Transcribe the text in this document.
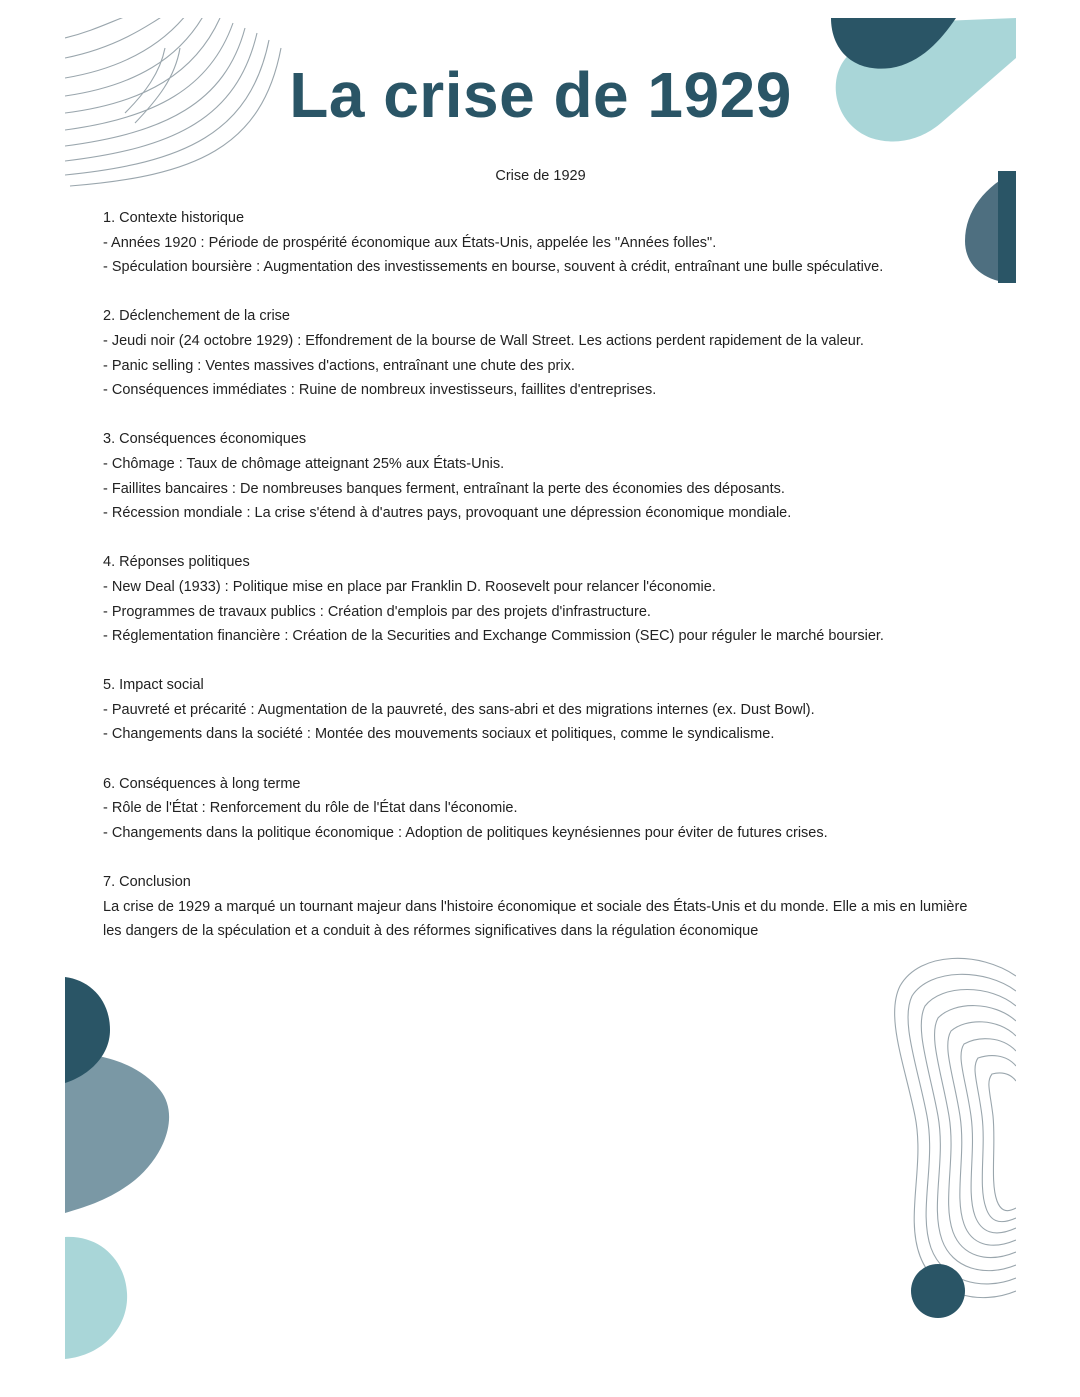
La crise de 1929
Crise de 1929

1. Contexte historique

- Années 1920 : Période de prospérité économique aux États-Unis, appelée les "Années folles".

- Spéculation boursière : Augmentation des investissements en bourse, souvent à crédit, entraînant une bulle spéculative.

2. Déclenchement de la crise

- Jeudi noir (24 octobre 1929) : Effondrement de la bourse de Wall Street. Les actions perdent rapidement de la valeur.

- Panic selling : Ventes massives d'actions, entraînant une chute des prix.

- Conséquences immédiates : Ruine de nombreux investisseurs, faillites d'entreprises.

3. Conséquences économiques

- Chômage : Taux de chômage atteignant 25% aux États-Unis.

- Faillites bancaires : De nombreuses banques ferment, entraînant la perte des économies des déposants.

- Récession mondiale : La crise s'étend à d'autres pays, provoquant une dépression économique mondiale.

4. Réponses politiques

- New Deal (1933) : Politique mise en place par Franklin D. Roosevelt pour relancer l'économie.

- Programmes de travaux publics : Création d'emplois par des projets d'infrastructure.

- Réglementation financière : Création de la Securities and Exchange Commission (SEC) pour réguler le marché boursier.

5. Impact social

- Pauvreté et précarité : Augmentation de la pauvreté, des sans-abri et des migrations internes (ex. Dust Bowl).

- Changements dans la société : Montée des mouvements sociaux et politiques, comme le syndicalisme.

6. Conséquences à long terme

- Rôle de l'État : Renforcement du rôle de l'État dans l'économie.

- Changements dans la politique économique : Adoption de politiques keynésiennes pour éviter de futures crises.

7. Conclusion

La crise de 1929 a marqué un tournant majeur dans l'histoire économique et sociale des États-Unis et du monde. Elle a mis en lumière les dangers de la spéculation et a conduit à des réformes significatives dans la régulation économique
